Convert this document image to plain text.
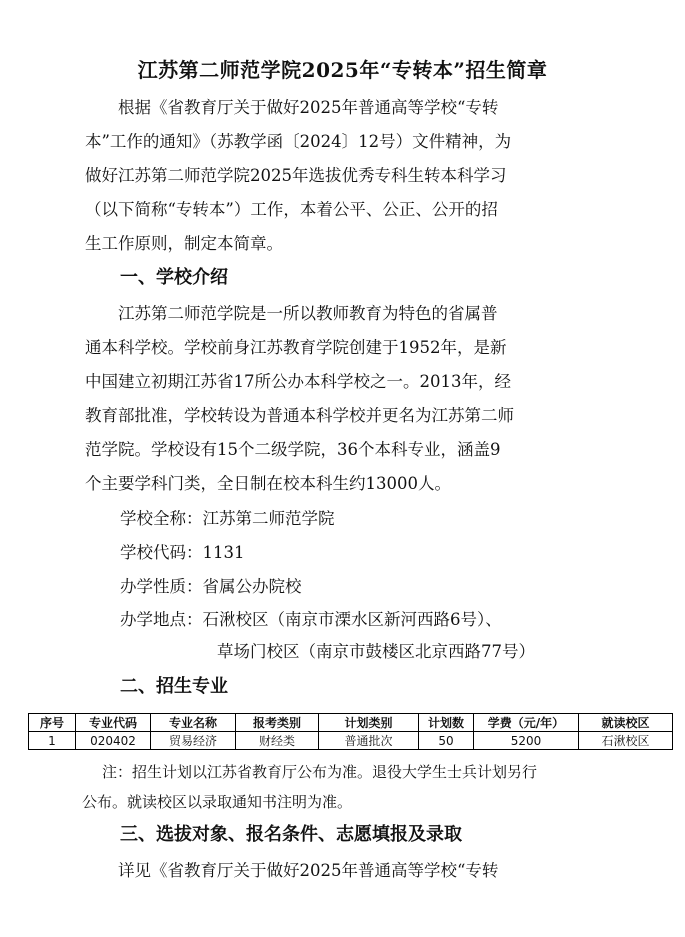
江苏第二师范学院2025年“专转本”招生简章
根据《省教育厅关于做好2025年普通高等学校“专转
本”工作的通知》（苏教学函〔2024〕12号）文件精神，为
做好江苏第二师范学院2025年选拔优秀专科生转本科学习
（以下简称“专转本”）工作，本着公平、公正、公开的招
生工作原则，制定本简章。
一、学校介绍
江苏第二师范学院是一所以教师教育为特色的省属普
通本科学校。学校前身江苏教育学院创建于1952年，是新
中国建立初期江苏省17所公办本科学校之一。2013年，经
教育部批准，学校转设为普通本科学校并更名为江苏第二师
范学院。学校设有15个二级学院，36个本科专业，涵盖9
个主要学科门类，全日制在校本科生约13000人。
学校全称：江苏第二师范学院
学校代码：1131
办学性质：省属公办院校
办学地点：石湫校区（南京市溧水区新河西路6号）、
草场门校区（南京市鼓楼区北京西路77号）
二、招生专业
序号	专业代码	专业名称	报考类别	计划类别	计划数	学费（元/年）	就读校区
1	020402	贸易经济	财经类	普通批次	50	5200	石湫校区
注：招生计划以江苏省教育厅公布为准。退役大学生士兵计划另行
公布。就读校区以录取通知书注明为准。
三、选拔对象、报名条件、志愿填报及录取
详见《省教育厅关于做好2025年普通高等学校“专转
